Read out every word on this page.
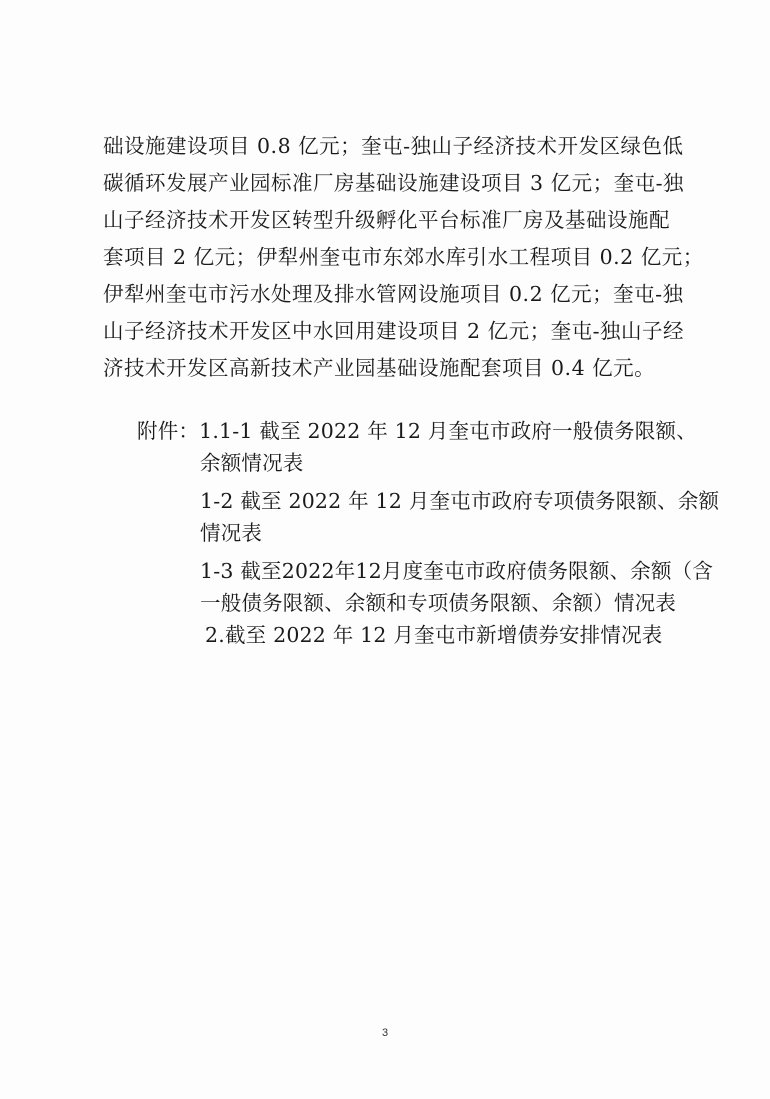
础设施建设项目 0.8 亿元；奎屯-独山子经济技术开发区绿色低
碳循环发展产业园标准厂房基础设施建设项目 3 亿元；奎屯-独
山子经济技术开发区转型升级孵化平台标准厂房及基础设施配
套项目 2 亿元；伊犁州奎屯市东郊水库引水工程项目 0.2 亿元；
伊犁州奎屯市污水处理及排水管网设施项目 0.2 亿元；奎屯-独
山子经济技术开发区中水回用建设项目 2 亿元；奎屯-独山子经
济技术开发区高新技术产业园基础设施配套项目 0.4 亿元。
附件：1.1-1 截至 2022 年 12 月奎屯市政府一般债务限额、
余额情况表
1-2 截至 2022 年 12 月奎屯市政府专项债务限额、余额
情况表
1-3 截至2022年12月度奎屯市政府债务限额、余额（含
一般债务限额、余额和专项债务限额、余额）情况表
2.截至 2022 年 12 月奎屯市新增债券安排情况表
3
